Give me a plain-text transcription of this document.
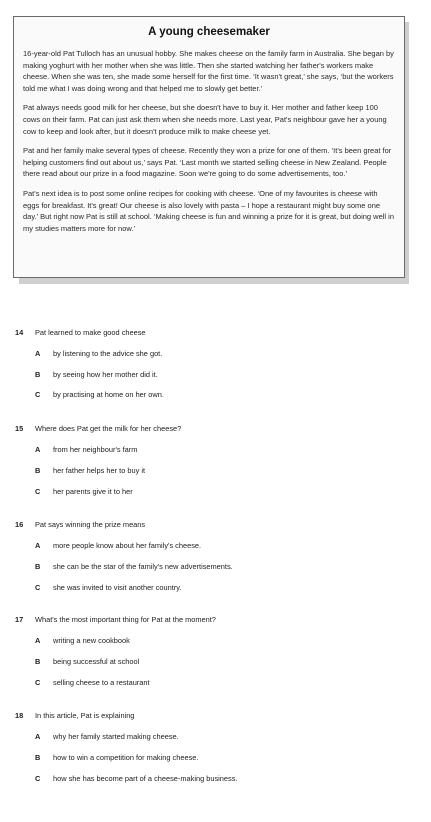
A young cheesemaker

16-year-old Pat Tulloch has an unusual hobby. She makes cheese on the family farm in Australia. She began by making yoghurt with her mother when she was little. Then she started watching her father's workers make cheese. When she was ten, she made some herself for the first time. ‘It wasn't great,’ she says, ‘but the workers told me what I was doing wrong and that helped me to slowly get better.’

Pat always needs good milk for her cheese, but she doesn't have to buy it. Her mother and father keep 100 cows on their farm. Pat can just ask them when she needs more. Last year, Pat's neighbour gave her a young cow to keep and look after, but it doesn't produce milk to make cheese yet.

Pat and her family make several types of cheese. Recently they won a prize for one of them. ‘It's been great for helping customers find out about us,’ says Pat. ‘Last month we started selling cheese in New Zealand. People there read about our prize in a food magazine. Soon we're going to do some advertisements, too.’

Pat's next idea is to post some online recipes for cooking with cheese. ‘One of my favourites is cheese with eggs for breakfast. It's great! Our cheese is also lovely with pasta – I hope a restaurant might buy some one day.’ But right now Pat is still at school. ‘Making cheese is fun and winning a prize for it is great, but doing well in my studies matters more for now.’

14 Pat learned to make good cheese
A by listening to the advice she got.
B by seeing how her mother did it.
C by practising at home on her own.
15 Where does Pat get the milk for her cheese?
A from her neighbour's farm
B her father helps her to buy it
C her parents give it to her
16 Pat says winning the prize means
A more people know about her family's cheese.
B she can be the star of the family's new advertisements.
C she was invited to visit another country.
17 What's the most important thing for Pat at the moment?
A writing a new cookbook
B being successful at school
C selling cheese to a restaurant
18 In this article, Pat is explaining
A why her family started making cheese.
B how to win a competition for making cheese.
C how she has become part of a cheese-making business.
